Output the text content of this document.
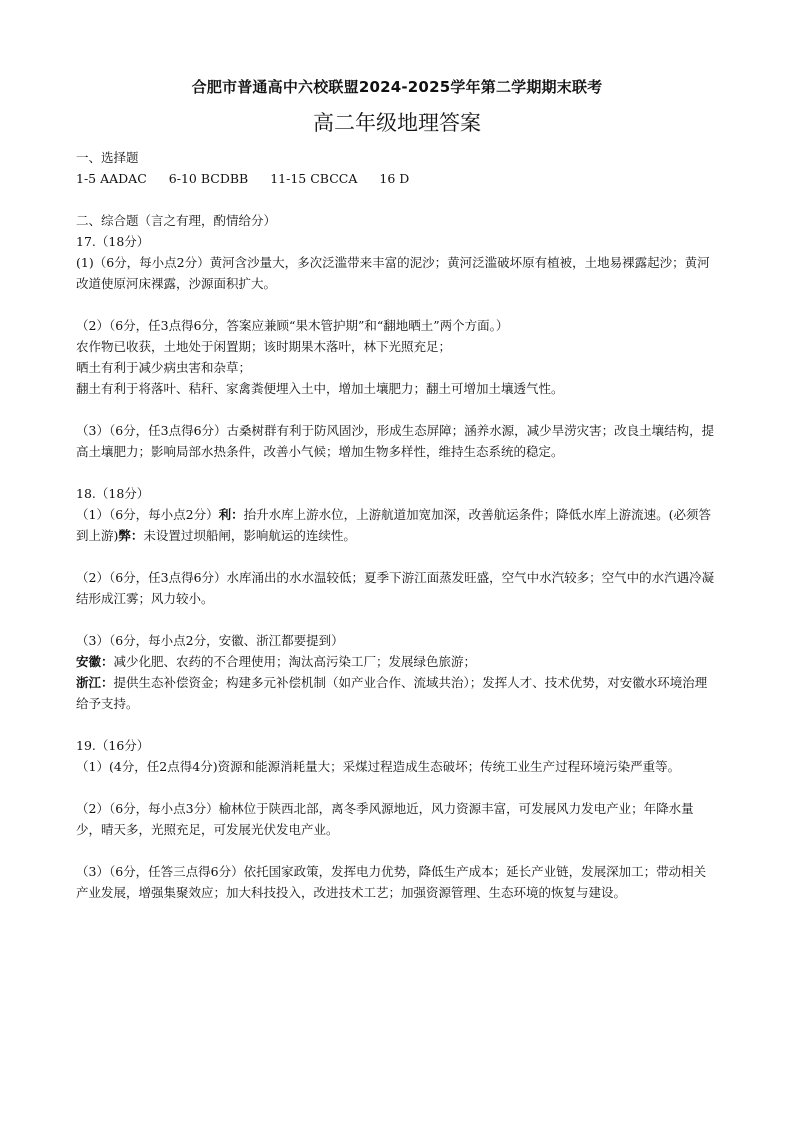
合肥市普通高中六校联盟2024-2025学年第二学期期末联考

高二年级地理答案

一、选择题

1-5 AADAC 6-10 BCDBB 11-15 CBCCA 16 D

二、综合题（言之有理，酌情给分）

17.（18分）

(1)（6分，每小点2分）黄河含沙量大，多次泛滥带来丰富的泥沙；黄河泛滥破坏原有植被，土地易裸露起沙；黄河改道使原河床裸露，沙源面积扩大。

（2）（6分，任3点得6分，答案应兼顾“果木管护期”和“翻地晒土”两个方面。）

农作物已收获，土地处于闲置期；该时期果木落叶，林下光照充足；

晒土有利于减少病虫害和杂草；

翻土有利于将落叶、秸秆、家禽粪便埋入土中，增加土壤肥力；翻土可增加土壤透气性。

（3）（6分，任3点得6分）古桑树群有利于防风固沙，形成生态屏障；涵养水源，减少旱涝灾害；改良土壤结构，提高土壤肥力；影响局部水热条件，改善小气候；增加生物多样性，维持生态系统的稳定。

18.（18分）

（1）（6分，每小点2分）利：抬升水库上游水位，上游航道加宽加深，改善航运条件；降低水库上游流速。(必须答到上游)弊：未设置过坝船闸，影响航运的连续性。

（2）（6分，任3点得6分）水库涌出的水水温较低；夏季下游江面蒸发旺盛，空气中水汽较多；空气中的水汽遇冷凝结形成江雾；风力较小。

（3）（6分，每小点2分，安徽、浙江都要提到）

安徽：减少化肥、农药的不合理使用；淘汰高污染工厂；发展绿色旅游；

浙江：提供生态补偿资金；构建多元补偿机制（如产业合作、流域共治）；发挥人才、技术优势，对安徽水环境治理给予支持。

19.（16分）

（1）(4分，任2点得4分)资源和能源消耗量大；采煤过程造成生态破坏；传统工业生产过程环境污染严重等。

（2）（6分，每小点3分）榆林位于陕西北部，离冬季风源地近，风力资源丰富，可发展风力发电产业；年降水量少，晴天多，光照充足，可发展光伏发电产业。

（3）（6分，任答三点得6分）依托国家政策，发挥电力优势，降低生产成本；延长产业链，发展深加工；带动相关产业发展，增强集聚效应；加大科技投入，改进技术工艺；加强资源管理、生态环境的恢复与建设。
